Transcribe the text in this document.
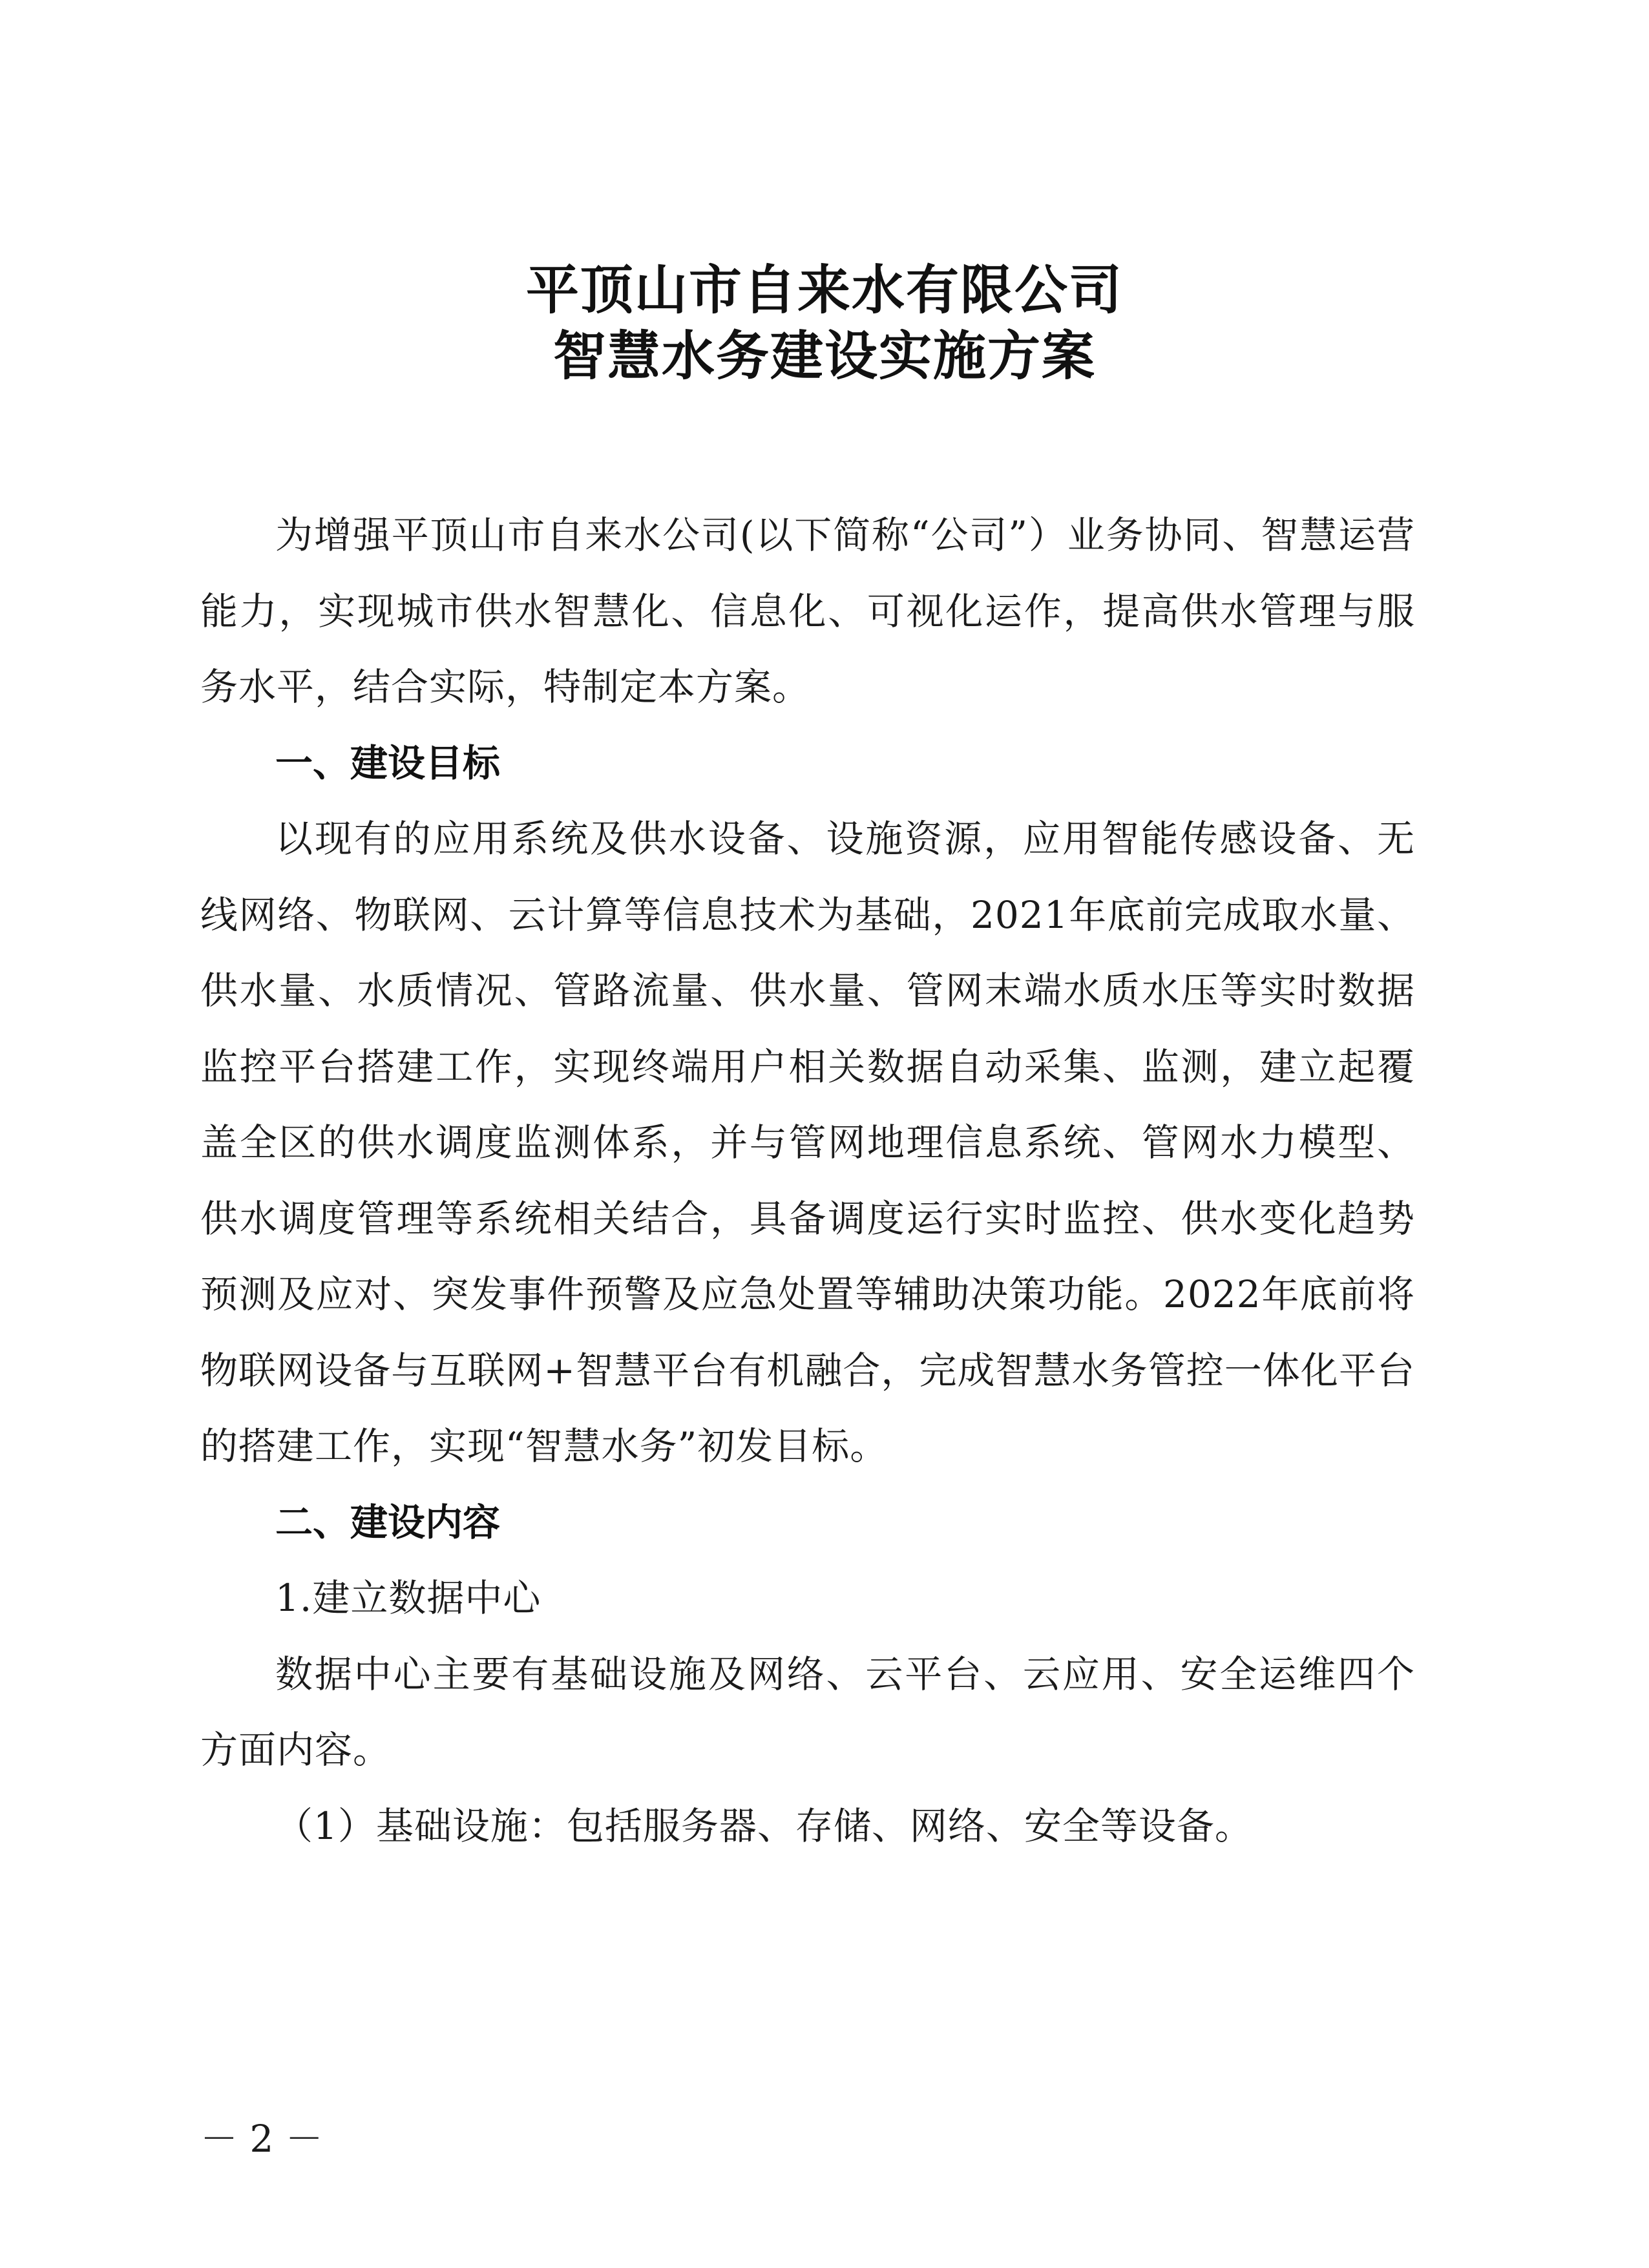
平顶山市自来水有限公司
智慧水务建设实施方案

为增强平顶山市自来水公司(以下简称“公司”）业务协同、智慧运营能力，实现城市供水智慧化、信息化、可视化运作，提高供水管理与服务水平，结合实际，特制定本方案。

一、建设目标

以现有的应用系统及供水设备、设施资源，应用智能传感设备、无线网络、物联网、云计算等信息技术为基础，2021年底前完成取水量、供水量、水质情况、管路流量、供水量、管网末端水质水压等实时数据监控平台搭建工作，实现终端用户相关数据自动采集、监测，建立起覆盖全区的供水调度监测体系，并与管网地理信息系统、管网水力模型、供水调度管理等系统相关结合，具备调度运行实时监控、供水变化趋势预测及应对、突发事件预警及应急处置等辅助决策功能。2022年底前将物联网设备与互联网+智慧平台有机融合，完成智慧水务管控一体化平台的搭建工作，实现“智慧水务”初发目标。

二、建设内容

1.建立数据中心

数据中心主要有基础设施及网络、云平台、云应用、安全运维四个方面内容。

（1）基础设施：包括服务器、存储、网络、安全等设备。

－ 2 －
